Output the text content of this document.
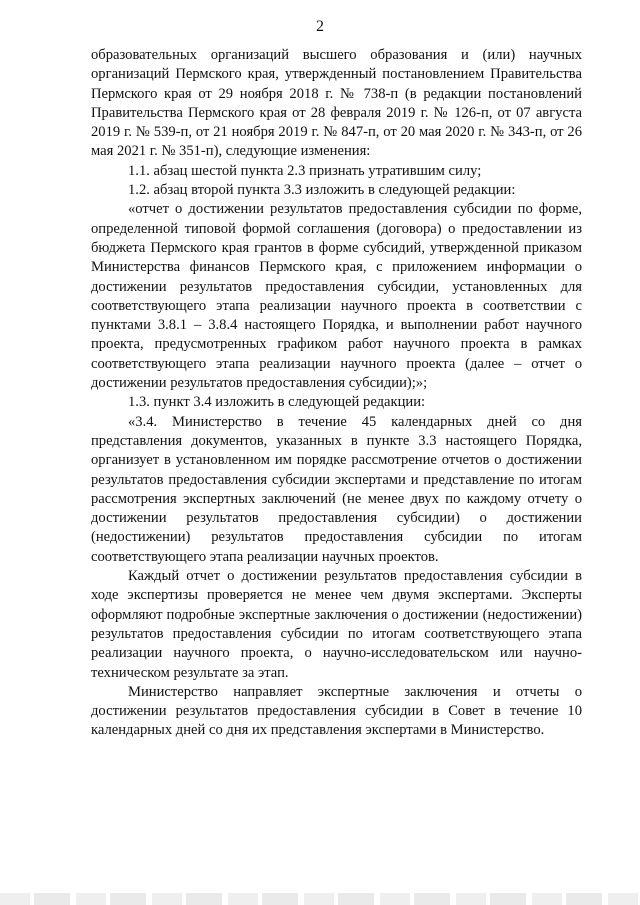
2

образовательных организаций высшего образования и (или) научных организаций Пермского края, утвержденный постановлением Правительства Пермского края от 29 ноября 2018 г. № 738-п (в редакции постановлений Правительства Пермского края от 28 февраля 2019 г. № 126-п, от 07 августа 2019 г. № 539-п, от 21 ноября 2019 г. № 847-п, от 20 мая 2020 г. № 343-п, от 26 мая 2021 г. № 351-п), следующие изменения:

1.1. абзац шестой пункта 2.3 признать утратившим силу;

1.2. абзац второй пункта 3.3 изложить в следующей редакции:

«отчет о достижении результатов предоставления субсидии по форме, определенной типовой формой соглашения (договора) о предоставлении из бюджета Пермского края грантов в форме субсидий, утвержденной приказом Министерства финансов Пермского края, с приложением информации о достижении результатов предоставления субсидии, установленных для соответствующего этапа реализации научного проекта в соответствии с пунктами 3.8.1 – 3.8.4 настоящего Порядка, и выполнении работ научного проекта, предусмотренных графиком работ научного проекта в рамках соответствующего этапа реализации научного проекта (далее – отчет о достижении результатов предоставления субсидии);»;

1.3. пункт 3.4 изложить в следующей редакции:

«3.4. Министерство в течение 45 календарных дней со дня представления документов, указанных в пункте 3.3 настоящего Порядка, организует в установленном им порядке рассмотрение отчетов о достижении результатов предоставления субсидии экспертами и представление по итогам рассмотрения экспертных заключений (не менее двух по каждому отчету о достижении результатов предоставления субсидии) о достижении (недостижении) результатов предоставления субсидии по итогам соответствующего этапа реализации научных проектов.

Каждый отчет о достижении результатов предоставления субсидии в ходе экспертизы проверяется не менее чем двумя экспертами. Эксперты оформляют подробные экспертные заключения о достижении (недостижении) результатов предоставления субсидии по итогам соответствующего этапа реализации научного проекта, о научно-исследовательском или научно-техническом результате за этап.

Министерство направляет экспертные заключения и отчеты о достижении результатов предоставления субсидии в Совет в течение 10 календарных дней со дня их представления экспертами в Министерство.
